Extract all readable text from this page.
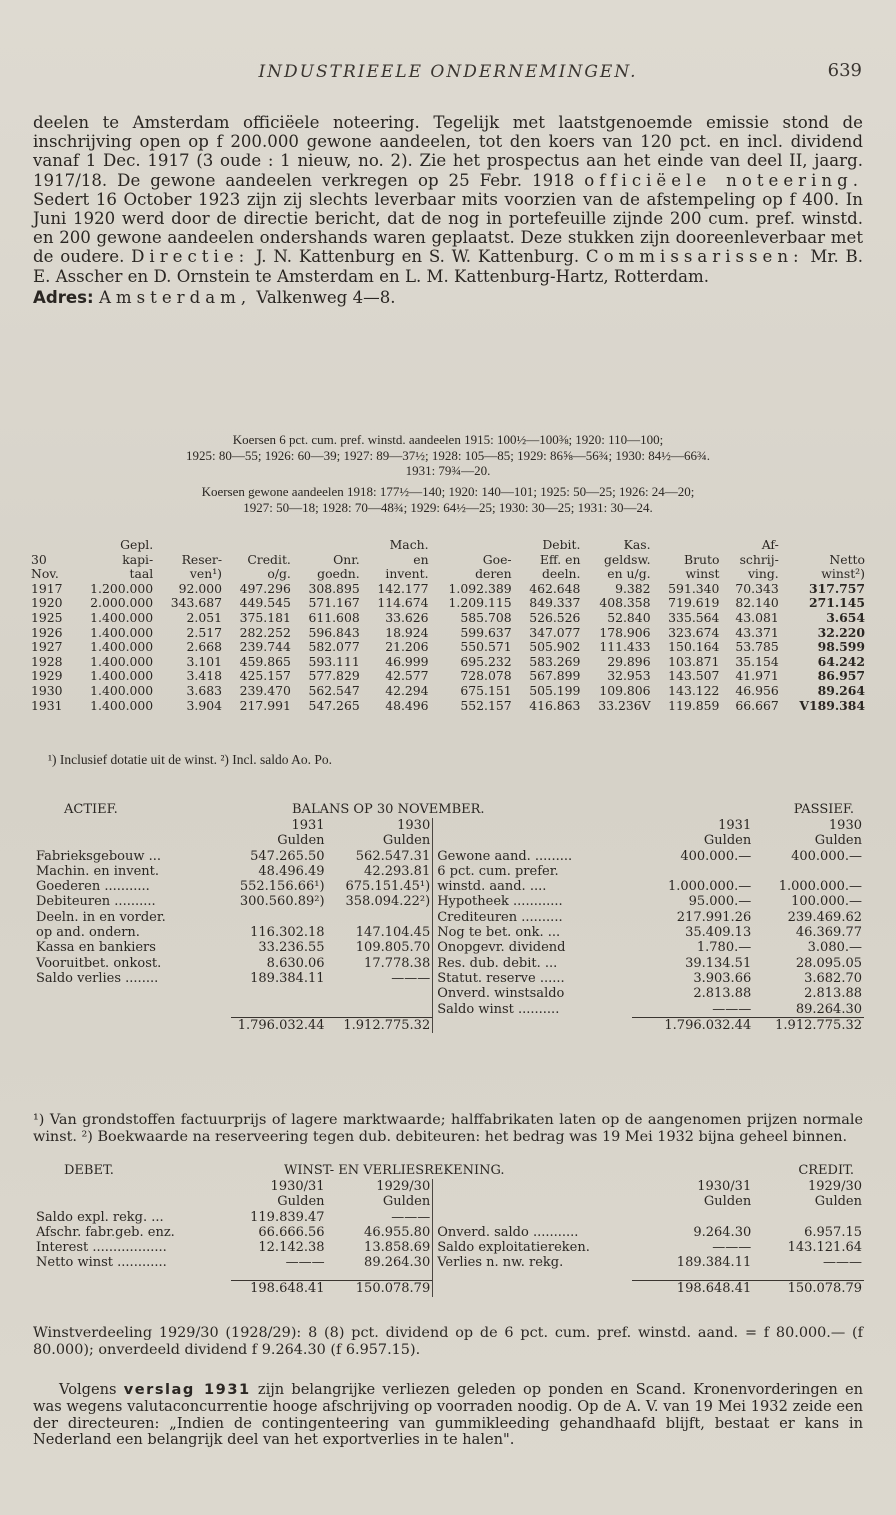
INDUSTRIEELE ONDERNEMINGEN.	639

deelen te Amsterdam officiëele noteering. Tegelijk met laatstgenoemde emissie stond de inschrijving open op f 200.000 gewone aandeelen, tot den koers van 120 pct. en incl. dividend vanaf 1 Dec. 1917 (3 oude : 1 nieuw, no. 2). Zie het prospectus aan het einde van deel II, jaarg. 1917/18. De gewone aandeelen verkregen op 25 Febr. 1918 officiëele noteering. Sedert 16 October 1923 zijn zij slechts leverbaar mits voorzien van de afstempeling op f 400. In Juni 1920 werd door de directie bericht, dat de nog in portefeuille zijnde 200 cum. pref. winstd. en 200 gewone aandeelen ondershands waren geplaatst. Deze stukken zijn dooreenleverbaar met de oudere. Directie: J. N. Kattenburg en S. W. Kattenburg. Commissarissen: Mr. B. E. Asscher en D. Ornstein te Amsterdam en L. M. Kattenburg-Hartz, Rotterdam.

Adres: Amsterdam, Valkenweg 4—8.

Koersen 6 pct. cum. pref. winstd. aandeelen 1915: 100½—100⅜; 1920: 110—100;
1925: 80—55; 1926: 60—39; 1927: 89—37½; 1928: 105—85; 1929: 86⅝—56¾; 1930: 84½—66¾.
1931: 79¾—20.
Koersen gewone aandeelen 1918: 177½—140; 1920: 140—101; 1925: 50—25; 1926: 24—20;
1927: 50—18; 1928: 70—48¾; 1929: 64½—25; 1930: 30—25; 1931: 30—24.
	Gepl.				Mach.		Debit.	Kas.		Af-	
30	kapi-	Reser-	Credit.	Onr.	en	Goe-	Eff. en	geldsw.	Bruto	schrij-	Netto
Nov.	taal	ven¹)	o/g.	goedn.	invent.	deren	deeln.	en u/g.	winst	ving.	winst²)
1917	1.200.000	92.000	497.296	308.895	142.177	1.092.389	462.648	9.382	591.340	70.343	317.757
1920	2.000.000	343.687	449.545	571.167	114.674	1.209.115	849.337	408.358	719.619	82.140	271.145
1925	1.400.000	2.051	375.181	611.608	33.626	585.708	526.526	52.840	335.564	43.081	3.654
1926	1.400.000	2.517	282.252	596.843	18.924	599.637	347.077	178.906	323.674	43.371	32.220
1927	1.400.000	2.668	239.744	582.077	21.206	550.571	505.902	111.433	150.164	53.785	98.599
1928	1.400.000	3.101	459.865	593.111	46.999	695.232	583.269	29.896	103.871	35.154	64.242
1929	1.400.000	3.418	425.157	577.829	42.577	728.078	567.899	32.953	143.507	41.971	86.957
1930	1.400.000	3.683	239.470	562.547	42.294	675.151	505.199	109.806	143.122	46.956	89.264
1931	1.400.000	3.904	217.991	547.265	48.496	552.157	416.863	33.236V	119.859	66.667	V189.384
¹) Inclusief dotatie uit de winst. ²) Incl. saldo Ao. Po.
ACTIEF.	BALANS OP 30 NOVEMBER.	PASSIEF.
	1931	1930		1931	1930
	Gulden	Gulden		Gulden	Gulden
Fabrieksgebouw ...	547.265.50	562.547.31	Gewone aand. .........	400.000.—	400.000.—
Machin. en invent.	48.496.49	42.293.81	6 pct. cum. prefer.		
Goederen ...........	552.156.66¹)	675.151.45¹)	winstd. aand. ....	1.000.000.—	1.000.000.—
Debiteuren ..........	300.560.89²)	358.094.22²)	Hypotheek ............	95.000.—	100.000.—
Deeln. in en vorder.			Crediteuren ..........	217.991.26	239.469.62
op and. ondern.	116.302.18	147.104.45	Nog te bet. onk. ...	35.409.13	46.369.77
Kassa en bankiers	33.236.55	109.805.70	Onopgevr. dividend	1.780.—	3.080.—
Vooruitbet. onkost.	8.630.06	17.778.38	Res. dub. debit. ...	39.134.51	28.095.05
Saldo verlies ........	189.384.11	———	Statut. reserve ......	3.903.66	3.682.70
			Onverd. winstsaldo	2.813.88	2.813.88
			Saldo winst ..........	———	89.264.30
	1.796.032.44	1.912.775.32		1.796.032.44	1.912.775.32

¹) Van grondstoffen factuurprijs of lagere marktwaarde; halffabrikaten laten op de aangenomen prijzen normale winst. ²) Boekwaarde na reserveering tegen dub. debiteuren: het bedrag was 19 Mei 1932 bijna geheel binnen.

DEBET.	WINST- EN VERLIESREKENING.	CREDIT.
	1930/31	1929/30		1930/31	1929/30
	Gulden	Gulden		Gulden	Gulden
Saldo expl. rekg. ...	119.839.47	———			
Afschr. fabr.geb. enz.	66.666.56	46.955.80	Onverd. saldo ...........	9.264.30	6.957.15
Interest ..................	12.142.38	13.858.69	Saldo exploitatiereken.	———	143.121.64
Netto winst ............	———	89.264.30	Verlies n. nw. rekg.	189.384.11	———

	198.648.41	150.078.79		198.648.41	150.078.79

Winstverdeeling 1929/30 (1928/29): 8 (8) pct. dividend op de 6 pct. cum. pref. winstd. aand. = f 80.000.— (f 80.000); onverdeeld dividend f 9.264.30 (f 6.957.15).

Volgens verslag 1931 zijn belangrijke verliezen geleden op ponden en Scand. Kronenvorderingen en was wegens valutaconcurrentie hooge afschrijving op voorraden noodig. Op de A. V. van 19 Mei 1932 zeide een der directeuren: „Indien de contingenteering van gummikleeding gehandhaafd blijft, bestaat er kans in Nederland een belangrijk deel van het exportverlies in te halen".
